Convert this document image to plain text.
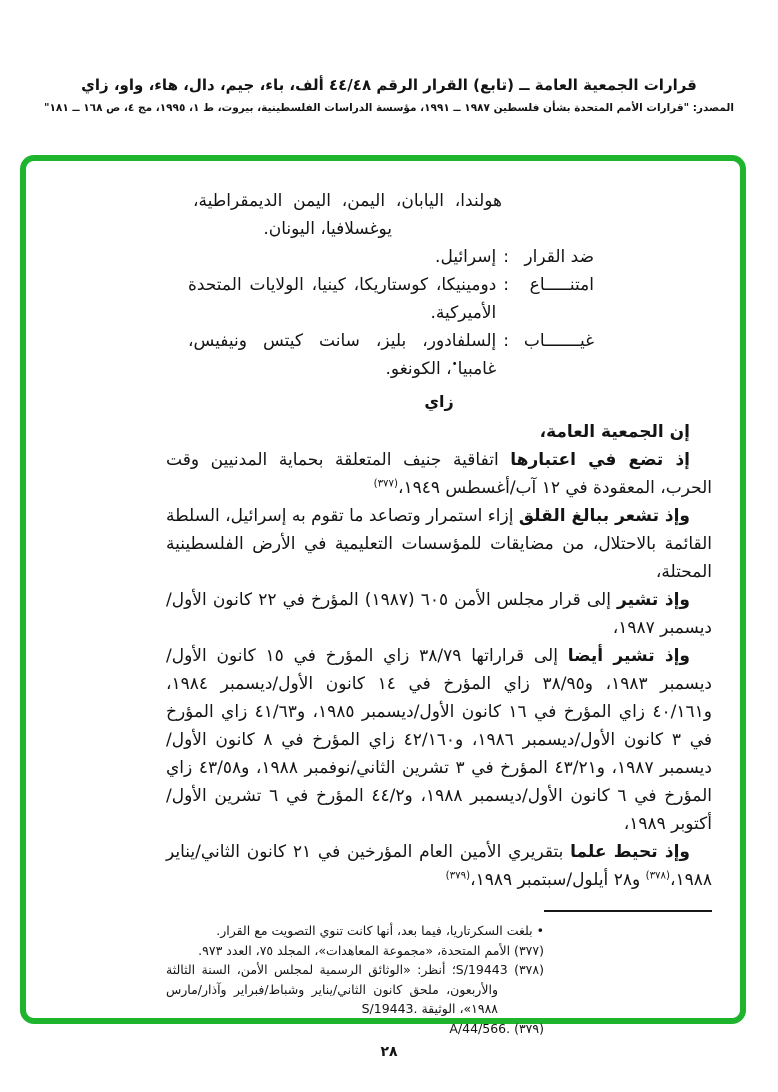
قرارات الجمعية العامة ــ (تابع) القرار الرقم ٤٤/٤٨ ألف، باء، جيم، دال، هاء، واو، زاي
المصدر: "قرارات الأمم المتحدة بشأن فلسطين ١٩٨٧ ــ ١٩٩١، مؤسسة الدراسات الفلسطينية، بيروت، ط ١، ١٩٩٥، مج ٤، ص ١٦٨ ــ ١٨١"
هولندا، اليابان، اليمن، اليمن الديمقراطية،
يوغسلافيا، اليونان.
ضد القرار
:
إسرائيل.
امتنـــــاع
:
دومينيكا، كوستاريكا، كينيا، الولايات المتحدة الأميركية.
غيـــــــاب
:
إلسلفادور، بليز، سانت كيتس ونيفيس، غامبيا•، الكونغو.
زاي

إن الجمعية العامة،

إذ تضع في اعتبارها اتفاقية جنيف المتعلقة بحماية المدنيين وقت الحرب، المعقودة في ١٢ آب/أغسطس ١٩٤٩،$^{(٣٧٧)}$

وإذ تشعر ببالغ القلق إزاء استمرار وتصاعد ما تقوم به إسرائيل، السلطة القائمة بالاحتلال، من مضايقات للمؤسسات التعليمية في الأرض الفلسطينية المحتلة،

وإذ تشير إلى قرار مجلس الأمن ٦٠٥ (١٩٨٧) المؤرخ في ٢٢ كانون الأول/ديسمبر ١٩٨٧،

وإذ تشير أيضا إلى قراراتها ٣٨/٧٩ زاي المؤرخ في ١٥ كانون الأول/ديسمبر ١٩٨٣، و٣٨/٩٥ زاي المؤرخ في ١٤ كانون الأول/ديسمبر ١٩٨٤، و٤٠/١٦١ زاي المؤرخ في ١٦ كانون الأول/ديسمبر ١٩٨٥، و٤١/٦٣ زاي المؤرخ في ٣ كانون الأول/ديسمبر ١٩٨٦، و٤٢/١٦٠ زاي المؤرخ في ٨ كانون الأول/ديسمبر ١٩٨٧، و٤٣/٢١ المؤرخ في ٣ تشرين الثاني/نوفمبر ١٩٨٨، و٤٣/٥٨ زاي المؤرخ في ٦ كانون الأول/ديسمبر ١٩٨٨، و٤٤/٢ المؤرخ في ٦ تشرين الأول/أكتوبر ١٩٨٩،

وإذ تحيط علما بتقريري الأمين العام المؤرخين في ٢١ كانون الثاني/يناير ١٩٨٨،$^{(٣٧٨)}$ و٢٨ أيلول/سبتمبر ١٩٨٩،$^{(٣٧٩)}$

• بلغت السكرتاريا، فيما بعد، أنها كانت تنوي التصويت مع القرار.

(٣٧٧) الأمم المتحدة، «مجموعة المعاهدات»، المجلد ٧٥، العدد ٩٧٣.

(٣٧٨) S/19443؛ أنظر: «الوثائق الرسمية لمجلس الأمن، السنة الثالثة والأربعون، ملحق كانون الثاني/يناير وشباط/فبراير وآذار/مارس ١٩٨٨»، الوثيقة S/19443.‎

(٣٧٩) A/44/566.‎

٢٨
